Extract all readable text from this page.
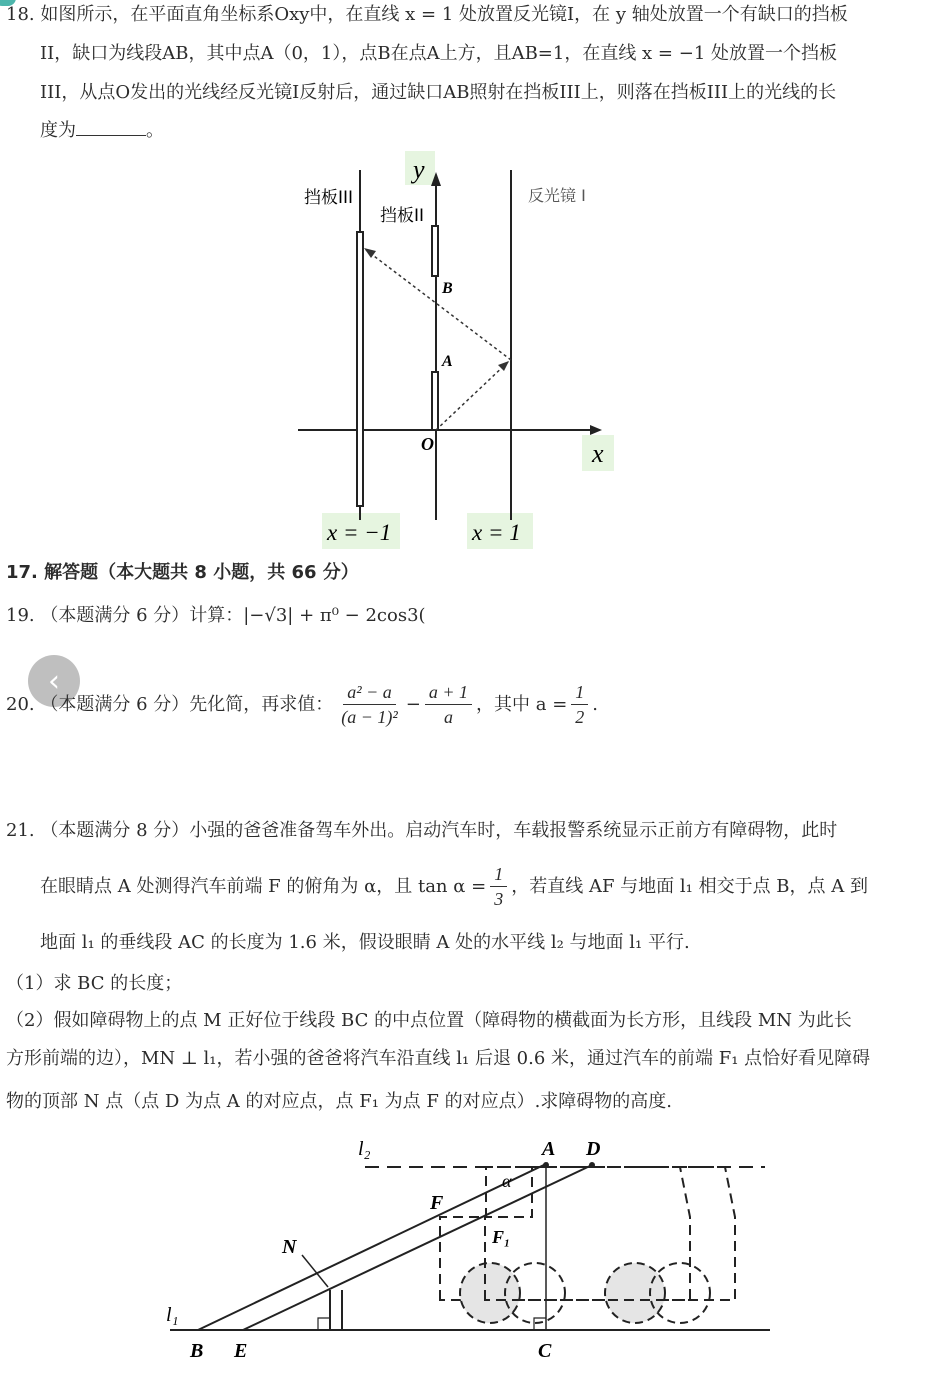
18. 如图所示，在平面直角坐标系Oxy中，在直线 x = 1 处放置反光镜I，在 y 轴处放置一个有缺口的挡板
II，缺口为线段AB，其中点A（0，1），点B在点A上方，且AB=1，在直线 x = −1 处放置一个挡板
III，从点O发出的光线经反光镜I反射后，通过缺口AB照射在挡板III上，则落在挡板III上的光线的长
度为	。
挡板III
挡板II
反光镜 I
y
x
O
A
B
x = −1	x = 1
17. 解答题（本大题共 8 小题，共 66 分）
19. （本题满分 6 分）计算：|−√3| + π⁰ − 2cos3(
‹
20. （本题满分 6 分）先化简，再求值： $\frac{\text{a² − a}}{\text{(a − 1)²}} - \frac{a + 1}{a}$ ，其中 $a = \frac{1}{2}$ .
21. （本题满分 8 分）小强的爸爸准备驾车外出。启动汽车时，车载报警系统显示正前方有障碍物，此时
在眼睛点 A 处测得汽车前端 F 的俯角为 α，且 $\tan \alpha = \frac{1}{3}$ ，若直线 AF 与地面 l₁ 相交于点 B，点 A 到
地面 l₁ 的垂线段 AC 的长度为 1.6 米，假设眼睛 A 处的水平线 l₂ 与地面 l₁ 平行.
（1）求 BC 的长度；
（2）假如障碍物上的点 M 正好位于线段 BC 的中点位置（障碍物的横截面为长方形，且线段 MN 为此长
方形前端的边），MN ⊥ l₁，若小强的爸爸将汽车沿直线 l₁ 后退 0.6 米，通过汽车的前端 F₁ 点恰好看见障碍
物的顶部 N 点（点 D 为点 A 的对应点，点 F₁ 为点 F 的对应点）.求障碍物的高度.
l₂
l₁
A D
α
F
F₁
N
B E	C
